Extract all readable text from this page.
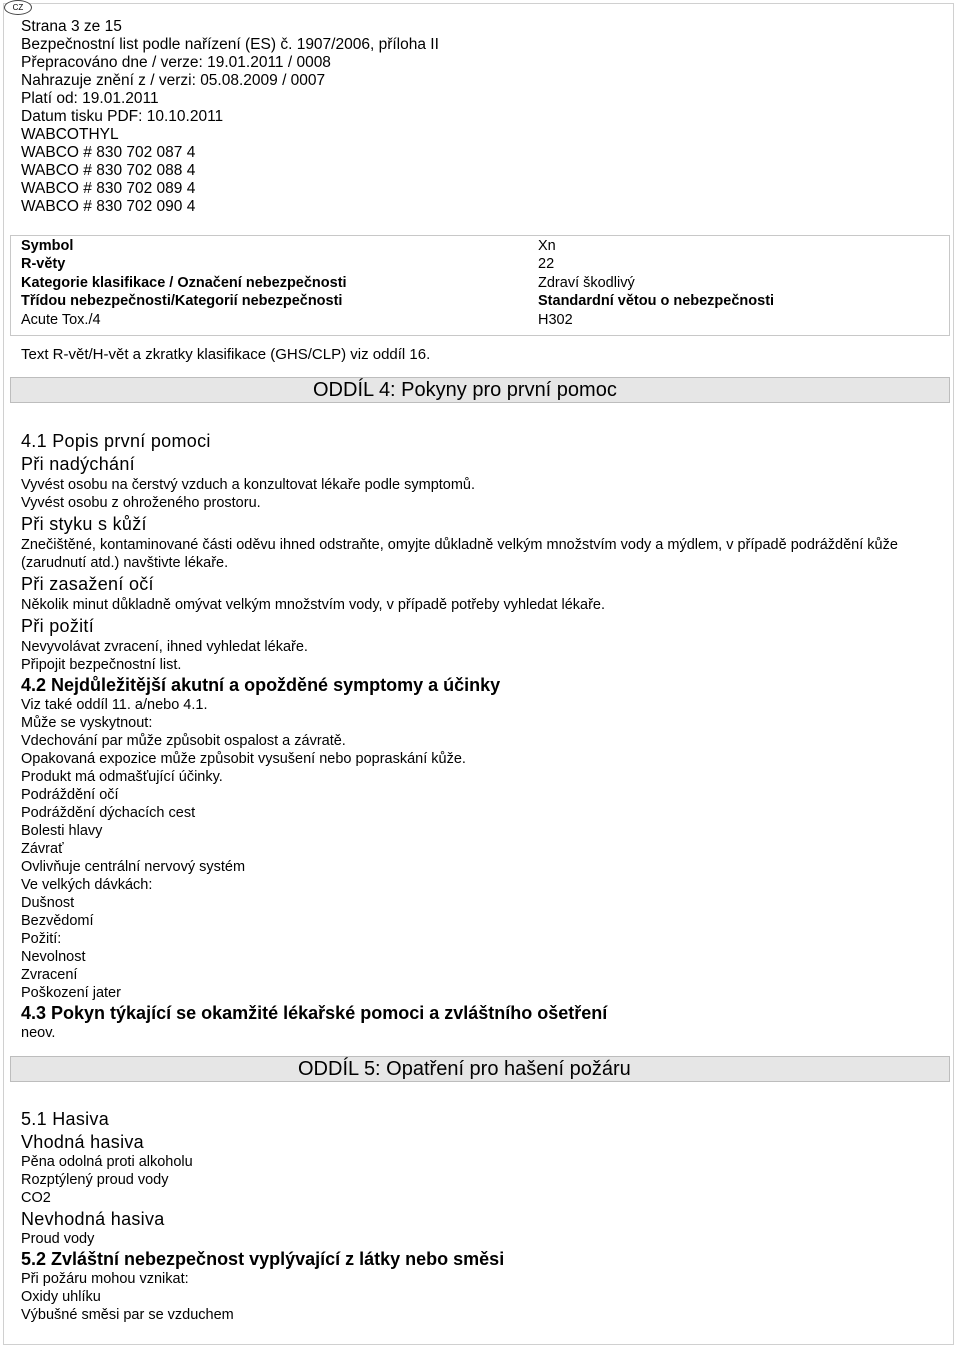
CZ
Strana 3 ze 15
Bezpečnostní list podle nařízení (ES) č. 1907/2006, příloha II
Přepracováno dne / verze: 19.01.2011 / 0008
Nahrazuje znění z / verzi: 05.08.2009 / 0007
Platí od: 19.01.2011
Datum tisku PDF: 10.10.2011
WABCOTHYL
WABCO # 830 702 087 4
WABCO # 830 702 088 4
WABCO # 830 702 089 4
WABCO # 830 702 090 4
Symbol	Xn
R-věty	22
Kategorie klasifikace / Označení nebezpečnosti	Zdraví škodlivý
Třídou nebezpečnosti/Kategorií nebezpečnosti	Standardní větou o nebezpečnosti
Acute Tox./4	H302
Text R-vět/H-vět a zkratky klasifikace (GHS/CLP) viz oddíl 16.
ODDÍL 4: Pokyny pro první pomoc
4.1 Popis první pomoci
Při nadýchání
Vyvést osobu na čerstvý vzduch a konzultovat lékaře podle symptomů.
Vyvést osobu z ohroženého prostoru.
Při styku s kůží
Znečištěné, kontaminované části oděvu ihned odstraňte, omyjte důkladně velkým množstvím vody a mýdlem, v případě podráždění kůže (zarudnutí atd.) navštivte lékaře.
Při zasažení očí
Několik minut důkladně omývat velkým množstvím vody, v případě potřeby vyhledat lékaře.
Při požití
Nevyvolávat zvracení, ihned vyhledat lékaře.
Připojit bezpečnostní list.
4.2 Nejdůležitější akutní a opožděné symptomy a účinky
Viz také oddíl 11. a/nebo 4.1.
Může se vyskytnout:
Vdechování par může způsobit ospalost a závratě.
Opakovaná expozice může způsobit vysušení nebo popraskání kůže.
Produkt má odmašťující účinky.
Podráždění očí
Podráždění dýchacích cest
Bolesti hlavy
Závrať
Ovlivňuje centrální nervový systém
Ve velkých dávkách:
Dušnost
Bezvědomí
Požití:
Nevolnost
Zvracení
Poškození jater
4.3 Pokyn týkající se okamžité lékařské pomoci a zvláštního ošetření
neov.
ODDÍL 5: Opatření pro hašení požáru
5.1 Hasiva
Vhodná hasiva
Pěna odolná proti alkoholu
Rozptýlený proud vody
CO2
Nevhodná hasiva
Proud vody
5.2 Zvláštní nebezpečnost vyplývající z látky nebo směsi
Při požáru mohou vznikat:
Oxidy uhlíku
Výbušné směsi par se vzduchem
